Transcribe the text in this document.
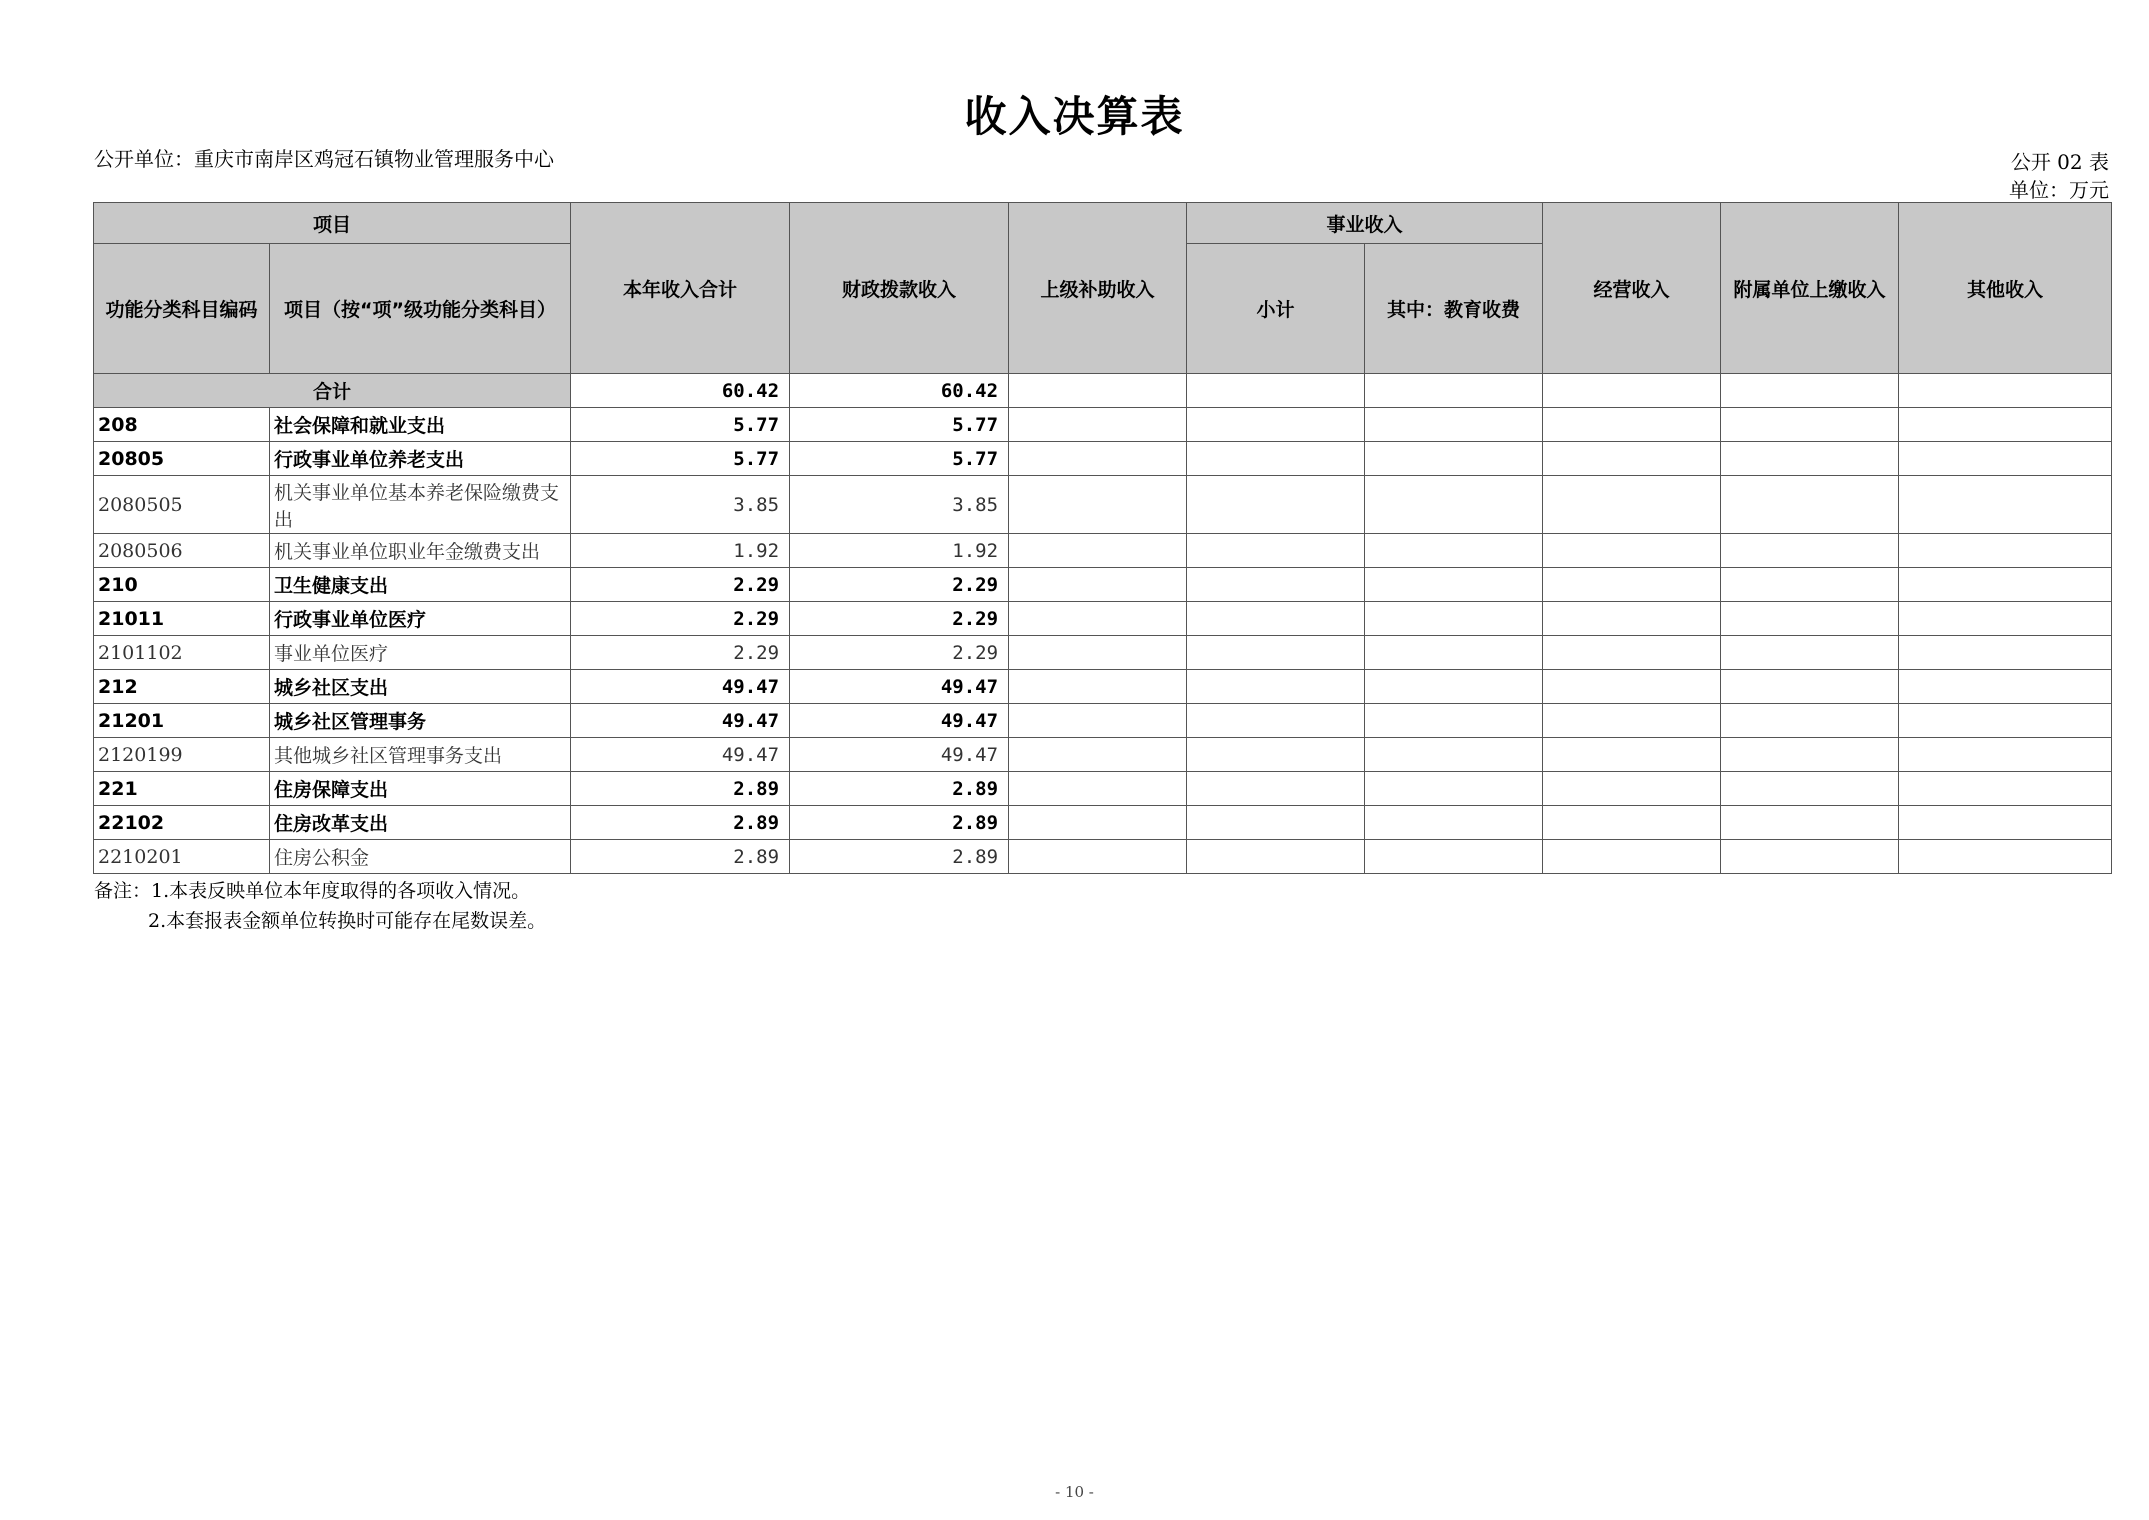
收入决算表
公开单位：重庆市南岸区鸡冠石镇物业管理服务中心	公开 02 表
单位：万元
项目		本年收入合计	财政拨款收入	上级补助收入	事业收入		经营收入	附属单位上缴收入	其他收入
功能分类科目编码	项目（按“项”级功能分类科目）				小计	其中：教育收费			
合计		60.42	60.42						
208	社会保障和就业支出	5.77	5.77						
20805	行政事业单位养老支出	5.77	5.77						
2080505	机关事业单位基本养老保险缴费支出	3.85	3.85						
2080506	机关事业单位职业年金缴费支出	1.92	1.92						
210	卫生健康支出	2.29	2.29						
21011	行政事业单位医疗	2.29	2.29						
2101102	事业单位医疗	2.29	2.29						
212	城乡社区支出	49.47	49.47						
21201	城乡社区管理事务	49.47	49.47						
2120199	其他城乡社区管理事务支出	49.47	49.47						
221	住房保障支出	2.89	2.89						
22102	住房改革支出	2.89	2.89						
2210201	住房公积金	2.89	2.89						
备注：1.本表反映单位本年度取得的各项收入情况。
2.本套报表金额单位转换时可能存在尾数误差。
- 10 -
